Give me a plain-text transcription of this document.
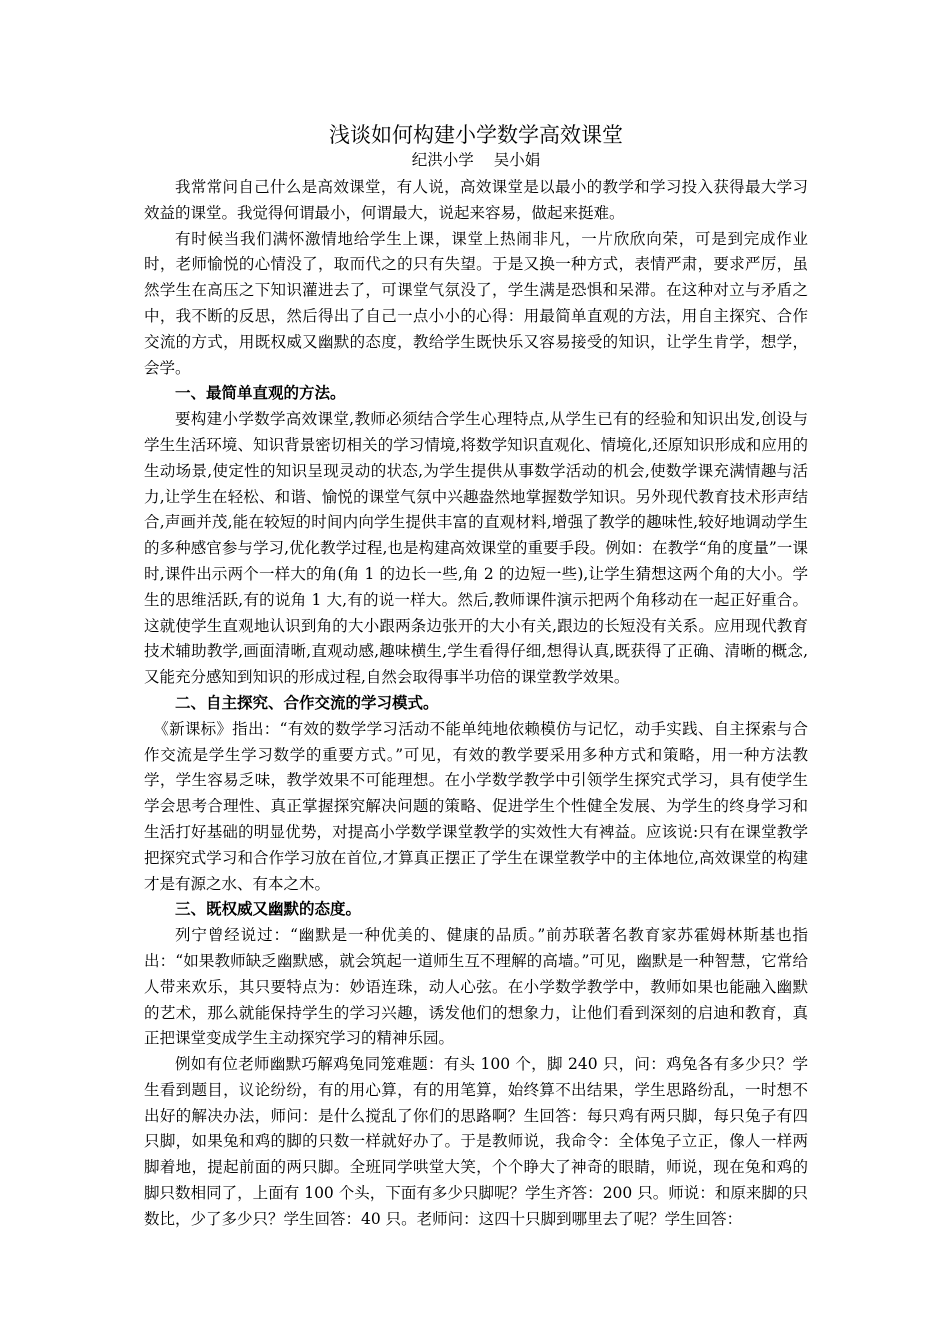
浅谈如何构建小学数学高效课堂
纪洪小学 吴小娟

我常常问自己什么是高效课堂，有人说，高效课堂是以最小的教学和学习投入获得最大学习效益的课堂。我觉得何谓最小，何谓最大，说起来容易，做起来挺难。

有时候当我们满怀激情地给学生上课，课堂上热闹非凡，一片欣欣向荣，可是到完成作业时，老师愉悦的心情没了，取而代之的只有失望。于是又换一种方式，表情严肃，要求严厉，虽然学生在高压之下知识灌进去了，可课堂气氛没了，学生满是恐惧和呆滞。在这种对立与矛盾之中，我不断的反思，然后得出了自己一点小小的心得：用最简单直观的方法，用自主探究、合作交流的方式，用既权威又幽默的态度，教给学生既快乐又容易接受的知识，让学生肯学，想学，会学。

一、最简单直观的方法。

要构建小学数学高效课堂,教师必须结合学生心理特点,从学生已有的经验和知识出发,创设与学生生活环境、知识背景密切相关的学习情境,将数学知识直观化、情境化,还原知识形成和应用的生动场景,使定性的知识呈现灵动的状态,为学生提供从事数学活动的机会,使数学课充满情趣与活力,让学生在轻松、和谐、愉悦的课堂气氛中兴趣盎然地掌握数学知识。另外现代教育技术形声结合,声画并茂,能在较短的时间内向学生提供丰富的直观材料,增强了教学的趣味性,较好地调动学生的多种感官参与学习,优化教学过程,也是构建高效课堂的重要手段。例如：在教学“角的度量”一课时,课件出示两个一样大的角(角 1 的边长一些,角 2 的边短一些),让学生猜想这两个角的大小。学生的思维活跃,有的说角 1 大,有的说一样大。然后,教师课件演示把两个角移动在一起正好重合。这就使学生直观地认识到角的大小跟两条边张开的大小有关,跟边的长短没有关系。应用现代教育技术辅助教学,画面清晰,直观动感,趣味横生,学生看得仔细,想得认真,既获得了正确、清晰的概念,又能充分感知到知识的形成过程,自然会取得事半功倍的课堂教学效果。

二、自主探究、合作交流的学习模式。

《新课标》指出：“有效的数学学习活动不能单纯地依赖模仿与记忆，动手实践、自主探索与合作交流是学生学习数学的重要方式。”可见，有效的教学要采用多种方式和策略，用一种方法教学，学生容易乏味，教学效果不可能理想。在小学数学教学中引领学生探究式学习，具有使学生学会思考合理性、真正掌握探究解决问题的策略、促进学生个性健全发展、为学生的终身学习和生活打好基础的明显优势，对提高小学数学课堂教学的实效性大有裨益。应该说:只有在课堂教学把探究式学习和合作学习放在首位,才算真正摆正了学生在课堂教学中的主体地位,高效课堂的构建才是有源之水、有本之木。

三、既权威又幽默的态度。

列宁曾经说过：“幽默是一种优美的、健康的品质。”前苏联著名教育家苏霍姆林斯基也指出：“如果教师缺乏幽默感，就会筑起一道师生互不理解的高墙。”可见，幽默是一种智慧，它常给人带来欢乐，其只要特点为：妙语连珠，动人心弦。在小学数学教学中，教师如果也能融入幽默的艺术，那么就能保持学生的学习兴趣，诱发他们的想象力，让他们看到深刻的启迪和教育，真正把课堂变成学生主动探究学习的精神乐园。

例如有位老师幽默巧解鸡兔同笼难题：有头 100 个，脚 240 只，问：鸡兔各有多少只？学生看到题目，议论纷纷，有的用心算，有的用笔算，始终算不出结果，学生思路纷乱，一时想不出好的解决办法，师问：是什么搅乱了你们的思路啊？生回答：每只鸡有两只脚，每只兔子有四只脚，如果兔和鸡的脚的只数一样就好办了。于是教师说，我命令：全体兔子立正，像人一样两脚着地，提起前面的两只脚。全班同学哄堂大笑，个个睁大了神奇的眼睛，师说，现在兔和鸡的脚只数相同了，上面有 100 个头，下面有多少只脚呢？学生齐答：200 只。师说：和原来脚的只数比，少了多少只？学生回答：40 只。老师问：这四十只脚到哪里去了呢？学生回答：
